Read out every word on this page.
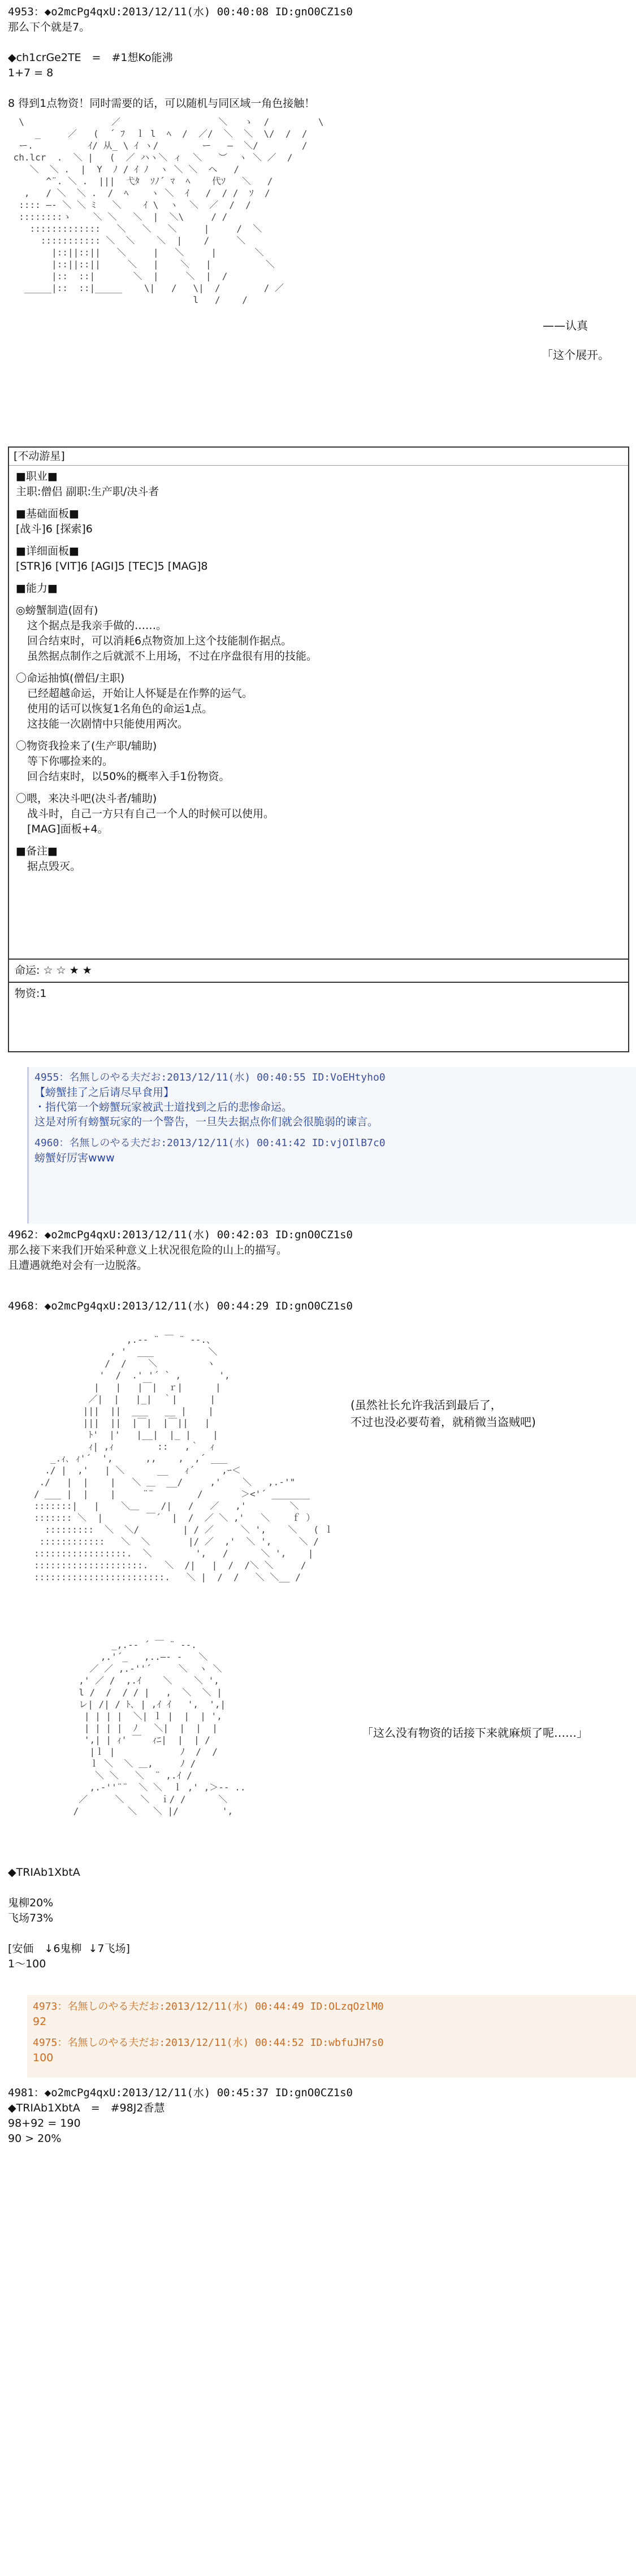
4953：◆o2mcPg4qxU:2013/12/11(水) 00:40:08 ID:gnO0CZ1s0
那么下个就是7。
◆ch1crGe2TE　=　#1想Ko能沸
1+7 = 8
8 得到1点物资！同时需要的话，可以随机与同区域一角色接触！
\                ／                  ＼   ゝ  /         \
_     ／   (  ´ ﾌ  ｌ l  ﾍ  /  ／/  ＼  ＼  \/  /  /
ー.          ｲ/ 从_ \ ｲ ヽ/        ー   ―  ＼/        /
ch.lcr  .  ＼ |   (  ／ ハヽ＼ ィ  ＼   ︶  ヽ ＼ ／  /
＼  ＼ .  |  Y  ﾉ / ｲ ﾉ  ヽ ＼ ＼  ヘ   /
^¨. ＼ .  |||  弋ﾀ  ｿﾉ´ ﾏ  ﾍ    代ｿ   ＼   /
,   / ＼  ＼ .  /  ﾍ    ヽ ＼  ｲ   /  / /  ｿ  /
:::: ―‐ ＼ ＼ ﾐ   ＼    ｲ \  ヽ  ＼  ／  /  /
::::::::ゝ    ＼ ＼   ＼  |  ＼\     / /
:::::::::::::   ＼   ＼   ＼     |     /  ＼
::::::::::: ＼  ＼    ＼  |    /     ＼
|::||::||   ＼     |   ＼     |       ＼
|::||::||     ＼   |    ＼   |          ＼
|::  ::|       ＼  |     ＼  |  /
_____|::  ::|_____    \|   /   \|  /        / ／
l   /    /
——认真
「这个展开。
[不动游星]
■职业■
主职:僧侣 副职:生产职/决斗者
■基础面板■
[战斗]6 [探索]6
■详细面板■
[STR]6 [VIT]6 [AGI]5 [TEC]5 [MAG]8
■能力■
◎螃蟹制造(固有)
这个据点是我亲手做的……。
回合结束时，可以消耗6点物资加上这个技能制作据点。
虽然据点制作之后就派不上用场，不过在序盘很有用的技能。
〇命运抽慎(僧侣/主职)
已经超越命运，开始让人怀疑是在作弊的运气。
使用的话可以恢复1名角色的命运1点。
这技能一次剧情中只能使用两次。
〇物资我捡来了(生产职/辅助)
等下你哪捡来的。
回合结束时，以50%的概率入手1份物资。
〇喂，来决斗吧(决斗者/辅助)
战斗时，自己一方只有自己一个人的时候可以使用。
[MAG]面板+4。
■备注■
据点毁灭。
命运: ☆ ☆ ★ ★
物资:1
4955：名無しのやる夫だお:2013/12/11(水) 00:40:55 ID:VoEHtyho0
【螃蟹挂了之后请尽早食用】
・指代第一个螃蟹玩家被武士道找到之后的悲惨命运。
这是对所有螃蟹玩家的一个警告，一旦失去据点你们就会很脆弱的谏言。
4960：名無しのやる夫だお:2013/12/11(水) 00:41:42 ID:vjOIlB7c0
螃蟹好厉害www
4962：◆o2mcPg4qxU:2013/12/11(水) 00:42:03 ID:gnO0CZ1s0
那么接下来我们开始采种意义上状况很危险的山上的描写。
且遭遇就绝对会有一边脱落。
4968：◆o2mcPg4qxU:2013/12/11(水) 00:44:29 ID:gnO0CZ1s0
,.-‐ ¨ ￣ ¨ ‐-.、
, '  ___          ＼
/  /    ＼         ヽ
'  /  .' '´ ` ,       ',
|   |   |￣|  ｒ|      |
／|  |   |_|  ｀|      |
|||  ||  ___   __ |    |
|||  ||  |￣|  |￣||   |
ﾄ'  |'   |__|  |_ |    |
ｨ| ,ｨ        ::   ,｀  ｨ
_.ｨ､ ｨ'´  ',      ,,    ,  ,´ ___
./ |  ,'   | ＼      __   ｨ´     ,ｰ＜
./   |  |    |   ＼ ＿  __/     ,'    ＼   ,.-'"
/ ___ |  |    |     ¨¨        /       ＞<'´ _______
:::::::|   |    ＼＿    /|   /   ／   ,'        ＼
::::::: ＼  |        ￣´  |  /  ／ ＼ ,'   ＼    ｆ ）
:::::::::  ＼  ＼/        | / ／     ＼ ',    ＼   ( ｌ
::::::::::::   ＼  ＼       |/ ／  ,'  ＼ ',     ＼ /
:::::::::::::::::.  ＼        ',   /      ＼ ',    |
::::::::::::::::::::.   ＼  /|   |  /  /＼ ＼     /
::::::::::::::::::::::::.   ＼ |  /  /   ＼ ＼__ /
(虽然社长允许我活到最后了，
不过也没必要苟着，就稍微当盗贼吧)
_,.-‐ ´ ￣ ¨ ‐-.
,.'´_   ,..―‐ -   ＼
／ ／ ,.-''´     ＼  ヽ ＼
,' ／ /  ,.ｲ    ＼    ＼ ',
l /  /  / / |   ,  ＼  ＼ |
レ| /| / ﾄ､ | ,ｲ ｲ   ',  ',|
| | | |  ＼| ｌ |  |  | ',
| | | |  ﾉ   ＼|  |  |  |
',| | ｨ' ￣  ｨﾆ|  |  | /
|ｌ |            ﾉ  /  /
ｌ ＼  ＼ ＿,     ﾉ /
＼ ＼   ＼  ¨ ,.ｲ /
,.-''¨¨  ＼ ＼  ｌ ,' ,＞‐- ..
／     ＼   ＼  ｉ/ /      ＼
/         ＼   ＼ |/        ',
「这么没有物资的话接下来就麻烦了呢……」
◆TRIAb1XbtA
鬼柳20%
飞场73%
[安価　↓6鬼柳  ↓7飞场]
1～100
4973：名無しのやる夫だお:2013/12/11(水) 00:44:49 ID:OLzqOzlM0
92
4975：名無しのやる夫だお:2013/12/11(水) 00:44:52 ID:wbfuJH7s0
100
4981：◆o2mcPg4qxU:2013/12/11(水) 00:45:37 ID:gnO0CZ1s0
◆TRIAb1XbtA　=　#98J2香慧
98+92 = 190
90 > 20%
